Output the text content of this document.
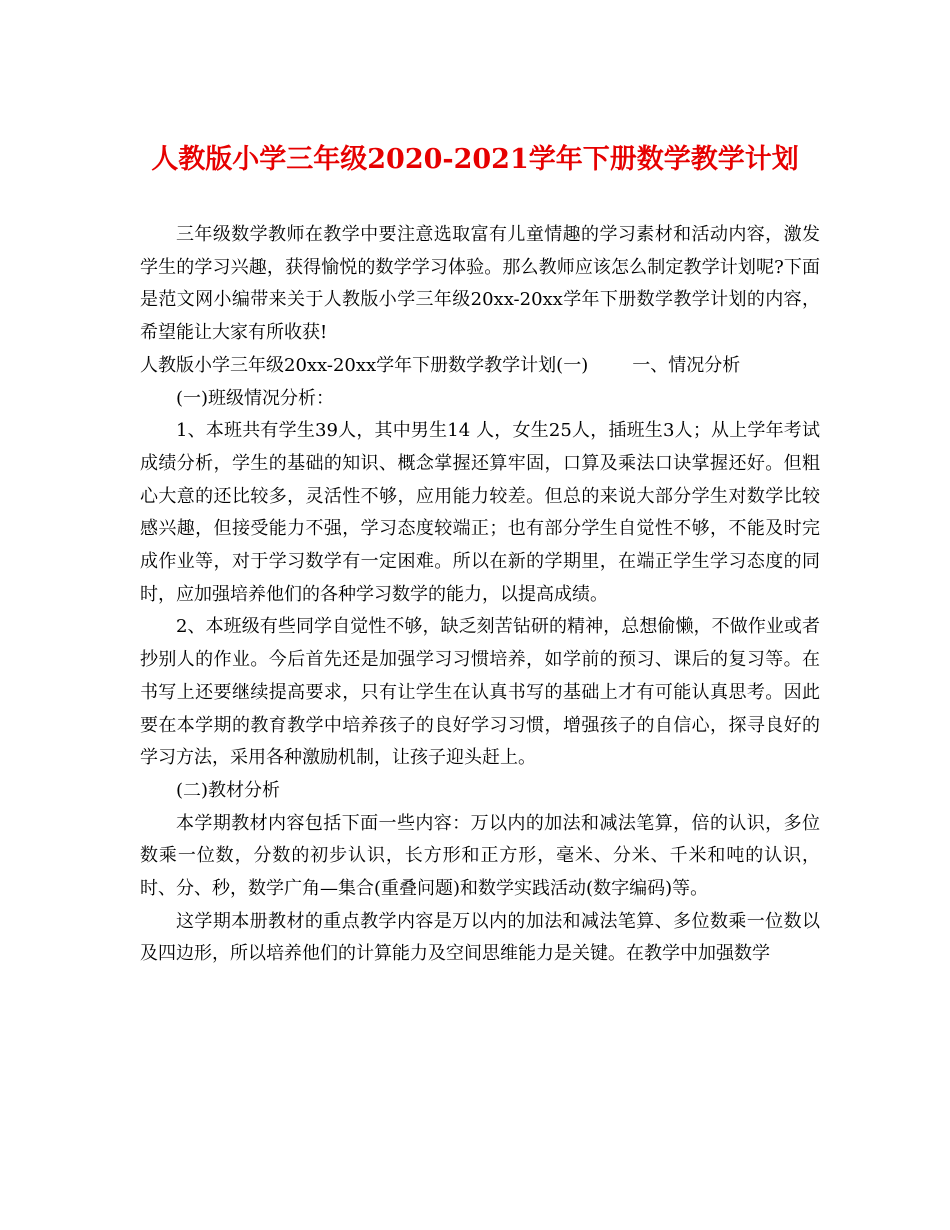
人教版小学三年级2020-2021学年下册数学教学计划

三年级数学教师在教学中要注意选取富有儿童情趣的学习素材和活动内容，激发学生的学习兴趣，获得愉悦的数学学习体验。那么教师应该怎么制定教学计划呢?下面是范文网小编带来关于人教版小学三年级20xx-20xx学年下册数学教学计划的内容，希望能让大家有所收获!

人教版小学三年级20xx-20xx学年下册数学教学计划(一) 一、情况分析

(一)班级情况分析：

1、本班共有学生39人，其中男生14 人，女生25人，插班生3人；从上学年考试成绩分析，学生的基础的知识、概念掌握还算牢固，口算及乘法口诀掌握还好。但粗心大意的还比较多，灵活性不够，应用能力较差。但总的来说大部分学生对数学比较感兴趣，但接受能力不强，学习态度较端正；也有部分学生自觉性不够，不能及时完成作业等，对于学习数学有一定困难。所以在新的学期里，在端正学生学习态度的同时，应加强培养他们的各种学习数学的能力，以提高成绩。

2、本班级有些同学自觉性不够，缺乏刻苦钻研的精神，总想偷懒，不做作业或者抄别人的作业。今后首先还是加强学习习惯培养，如学前的预习、课后的复习等。在书写上还要继续提高要求，只有让学生在认真书写的基础上才有可能认真思考。因此要在本学期的教育教学中培养孩子的良好学习习惯，增强孩子的自信心，探寻良好的学习方法，采用各种激励机制，让孩子迎头赶上。

(二)教材分析

本学期教材内容包括下面一些内容：万以内的加法和减法笔算，倍的认识，多位数乘一位数，分数的初步认识，长方形和正方形，毫米、分米、千米和吨的认识，时、分、秒，数学广角—集合(重叠问题)和数学实践活动(数字编码)等。

这学期本册教材的重点教学内容是万以内的加法和减法笔算、多位数乘一位数以及四边形，所以培养他们的计算能力及空间思维能力是关键。在教学中加强数学
